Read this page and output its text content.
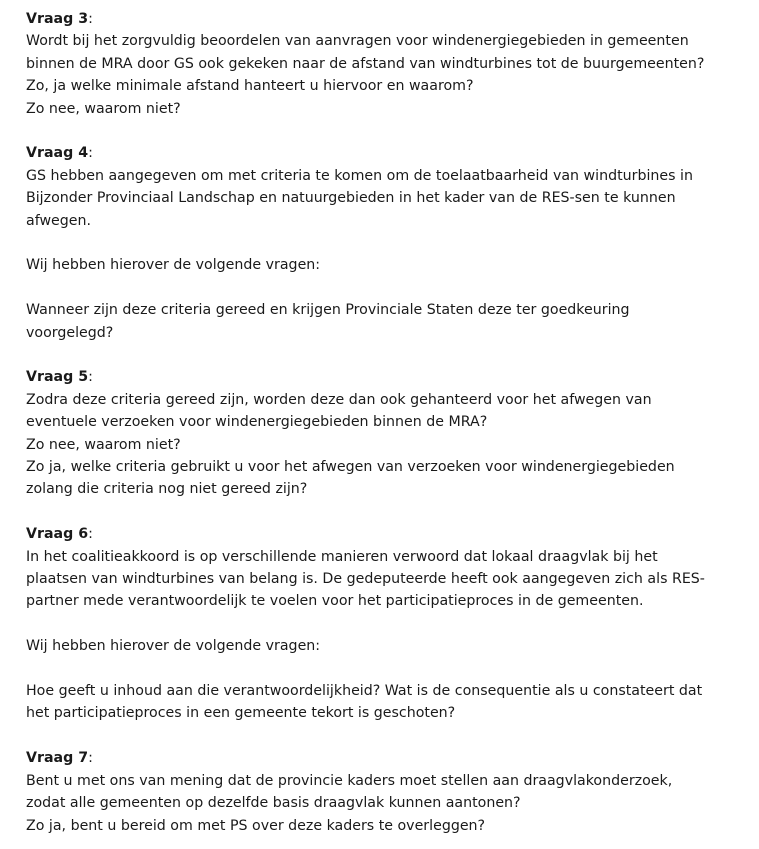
Vraag 3:
Wordt bij het zorgvuldig beoordelen van aanvragen voor windenergiegebieden in gemeenten
binnen de MRA door GS ook gekeken naar de afstand van windturbines tot de buurgemeenten?
Zo, ja welke minimale afstand hanteert u hiervoor en waarom?
Zo nee, waarom niet?
Vraag 4:
GS hebben aangegeven om met criteria te komen om de toelaatbaarheid van windturbines in
Bijzonder Provinciaal Landschap en natuurgebieden in het kader van de RES-sen te kunnen
afwegen.
Wij hebben hierover de volgende vragen:
Wanneer zijn deze criteria gereed en krijgen Provinciale Staten deze ter goedkeuring
voorgelegd?
Vraag 5:
Zodra deze criteria gereed zijn, worden deze dan ook gehanteerd voor het afwegen van
eventuele verzoeken voor windenergiegebieden binnen de MRA?
Zo nee, waarom niet?
Zo ja, welke criteria gebruikt u voor het afwegen van verzoeken voor windenergiegebieden
zolang die criteria nog niet gereed zijn?
Vraag 6:
In het coalitieakkoord is op verschillende manieren verwoord dat lokaal draagvlak bij het
plaatsen van windturbines van belang is. De gedeputeerde heeft ook aangegeven zich als RES-
partner mede verantwoordelijk te voelen voor het participatieproces in de gemeenten.
Wij hebben hierover de volgende vragen:
Hoe geeft u inhoud aan die verantwoordelijkheid? Wat is de consequentie als u constateert dat
het participatieproces in een gemeente tekort is geschoten?
Vraag 7:
Bent u met ons van mening dat de provincie kaders moet stellen aan draagvlakonderzoek,
zodat alle gemeenten op dezelfde basis draagvlak kunnen aantonen?
Zo ja, bent u bereid om met PS over deze kaders te overleggen?
